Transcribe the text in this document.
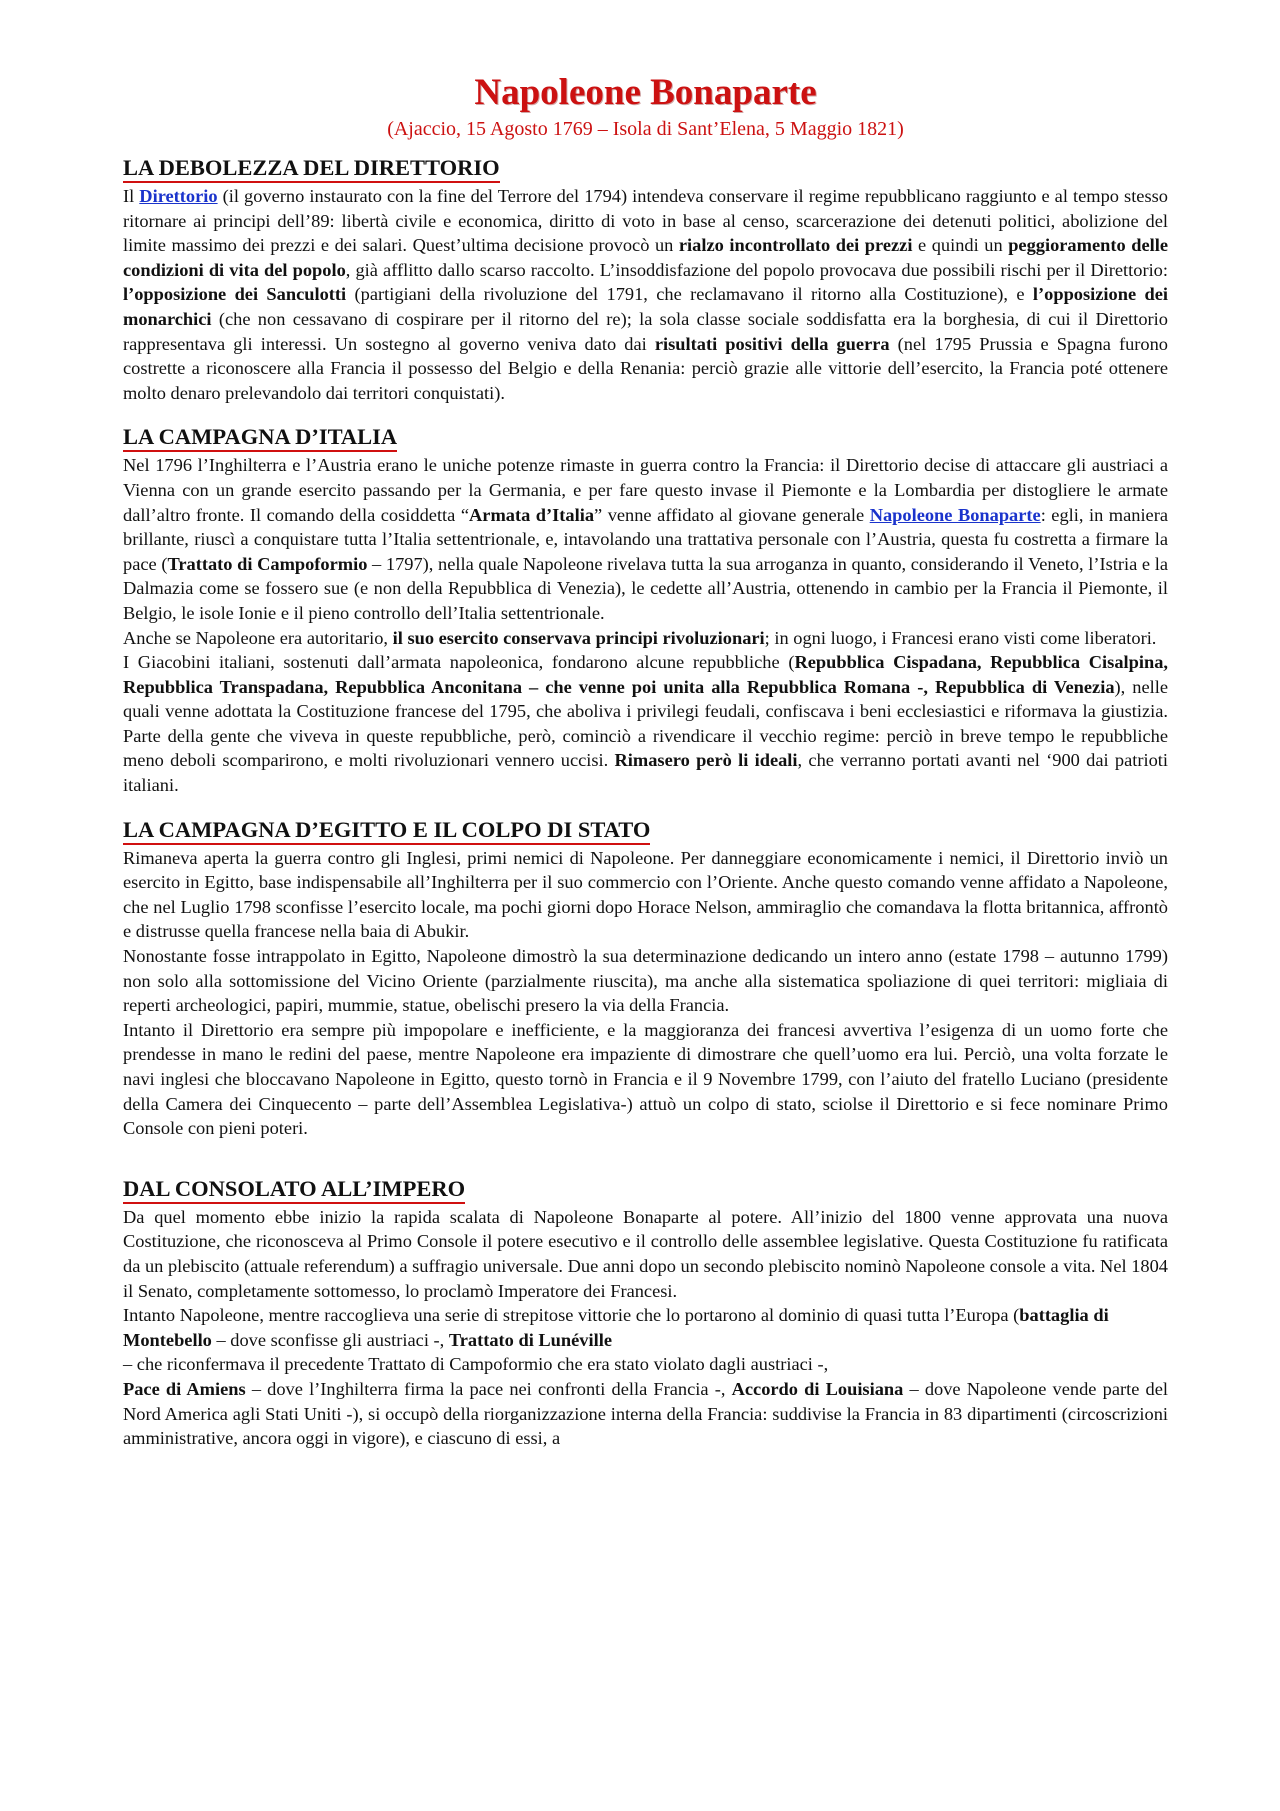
Napoleone Bonaparte
(Ajaccio, 15 Agosto 1769 – Isola di Sant’Elena, 5 Maggio 1821)
LA DEBOLEZZA DEL DIRETTORIO

Il Direttorio (il governo instaurato con la fine del Terrore del 1794) intendeva conservare il regime repubblicano raggiunto e al tempo stesso ritornare ai principi dell’89: libertà civile e economica, diritto di voto in base al censo, scarcerazione dei detenuti politici, abolizione del limite massimo dei prezzi e dei salari. Quest’ultima decisione provocò un rialzo incontrollato dei prezzi e quindi un peggioramento delle condizioni di vita del popolo, già afflitto dallo scarso raccolto. L’insoddisfazione del popolo provocava due possibili rischi per il Direttorio: l’opposizione dei Sanculotti (partigiani della rivoluzione del 1791, che reclamavano il ritorno alla Costituzione), e l’opposizione dei monarchici (che non cessavano di cospirare per il ritorno del re); la sola classe sociale soddisfatta era la borghesia, di cui il Direttorio rappresentava gli interessi. Un sostegno al governo veniva dato dai risultati positivi della guerra (nel 1795 Prussia e Spagna furono costrette a riconoscere alla Francia il possesso del Belgio e della Renania: perciò grazie alle vittorie dell’esercito, la Francia poté ottenere molto denaro prelevandolo dai territori conquistati).

LA CAMPAGNA D’ITALIA

Nel 1796 l’Inghilterra e l’Austria erano le uniche potenze rimaste in guerra contro la Francia: il Direttorio decise di attaccare gli austriaci a Vienna con un grande esercito passando per la Germania, e per fare questo invase il Piemonte e la Lombardia per distogliere le armate dall’altro fronte. Il comando della cosiddetta “Armata d’Italia” venne affidato al giovane generale Napoleone Bonaparte: egli, in maniera brillante, riuscì a conquistare tutta l’Italia settentrionale, e, intavolando una trattativa personale con l’Austria, questa fu costretta a firmare la pace (Trattato di Campoformio – 1797), nella quale Napoleone rivelava tutta la sua arroganza in quanto, considerando il Veneto, l’Istria e la Dalmazia come se fossero sue (e non della Repubblica di Venezia), le cedette all’Austria, ottenendo in cambio per la Francia il Piemonte, il Belgio, le isole Ionie e il pieno controllo dell’Italia settentrionale.

Anche se Napoleone era autoritario, il suo esercito conservava principi rivoluzionari; in ogni luogo, i Francesi erano visti come liberatori.

I Giacobini italiani, sostenuti dall’armata napoleonica, fondarono alcune repubbliche (Repubblica Cispadana, Repubblica Cisalpina, Repubblica Transpadana, Repubblica Anconitana – che venne poi unita alla Repubblica Romana -, Repubblica di Venezia), nelle quali venne adottata la Costituzione francese del 1795, che aboliva i privilegi feudali, confiscava i beni ecclesiastici e riformava la giustizia. Parte della gente che viveva in queste repubbliche, però, cominciò a rivendicare il vecchio regime: perciò in breve tempo le repubbliche meno deboli scomparirono, e molti rivoluzionari vennero uccisi. Rimasero però li ideali, che verranno portati avanti nel ‘900 dai patrioti italiani.

LA CAMPAGNA D’EGITTO E IL COLPO DI STATO

Rimaneva aperta la guerra contro gli Inglesi, primi nemici di Napoleone. Per danneggiare economicamente i nemici, il Direttorio inviò un esercito in Egitto, base indispensabile all’Inghilterra per il suo commercio con l’Oriente. Anche questo comando venne affidato a Napoleone, che nel Luglio 1798 sconfisse l’esercito locale, ma pochi giorni dopo Horace Nelson, ammiraglio che comandava la flotta britannica, affrontò e distrusse quella francese nella baia di Abukir.

Nonostante fosse intrappolato in Egitto, Napoleone dimostrò la sua determinazione dedicando un intero anno (estate 1798 – autunno 1799) non solo alla sottomissione del Vicino Oriente (parzialmente riuscita), ma anche alla sistematica spoliazione di quei territori: migliaia di reperti archeologici, papiri, mummie, statue, obelischi presero la via della Francia.

Intanto il Direttorio era sempre più impopolare e inefficiente, e la maggioranza dei francesi avvertiva l’esigenza di un uomo forte che prendesse in mano le redini del paese, mentre Napoleone era impaziente di dimostrare che quell’uomo era lui. Perciò, una volta forzate le navi inglesi che bloccavano Napoleone in Egitto, questo tornò in Francia e il 9 Novembre 1799, con l’aiuto del fratello Luciano (presidente della Camera dei Cinquecento – parte dell’Assemblea Legislativa-) attuò un colpo di stato, sciolse il Direttorio e si fece nominare Primo Console con pieni poteri.

DAL CONSOLATO ALL’IMPERO

Da quel momento ebbe inizio la rapida scalata di Napoleone Bonaparte al potere. All’inizio del 1800 venne approvata una nuova Costituzione, che riconosceva al Primo Console il potere esecutivo e il controllo delle assemblee legislative. Questa Costituzione fu ratificata da un plebiscito (attuale referendum) a suffragio universale. Due anni dopo un secondo plebiscito nominò Napoleone console a vita. Nel 1804 il Senato, completamente sottomesso, lo proclamò Imperatore dei Francesi.

Intanto Napoleone, mentre raccoglieva una serie di strepitose vittorie che lo portarono al dominio di quasi tutta l’Europa (battaglia di Montebello – dove sconfisse gli austriaci -, Trattato di Lunéville

– che riconfermava il precedente Trattato di Campoformio che era stato violato dagli austriaci -,

Pace di Amiens – dove l’Inghilterra firma la pace nei confronti della Francia -, Accordo di Louisiana – dove Napoleone vende parte del Nord America agli Stati Uniti -), si occupò della riorganizzazione interna della Francia: suddivise la Francia in 83 dipartimenti (circoscrizioni amministrative, ancora oggi in vigore), e ciascuno di essi, a
